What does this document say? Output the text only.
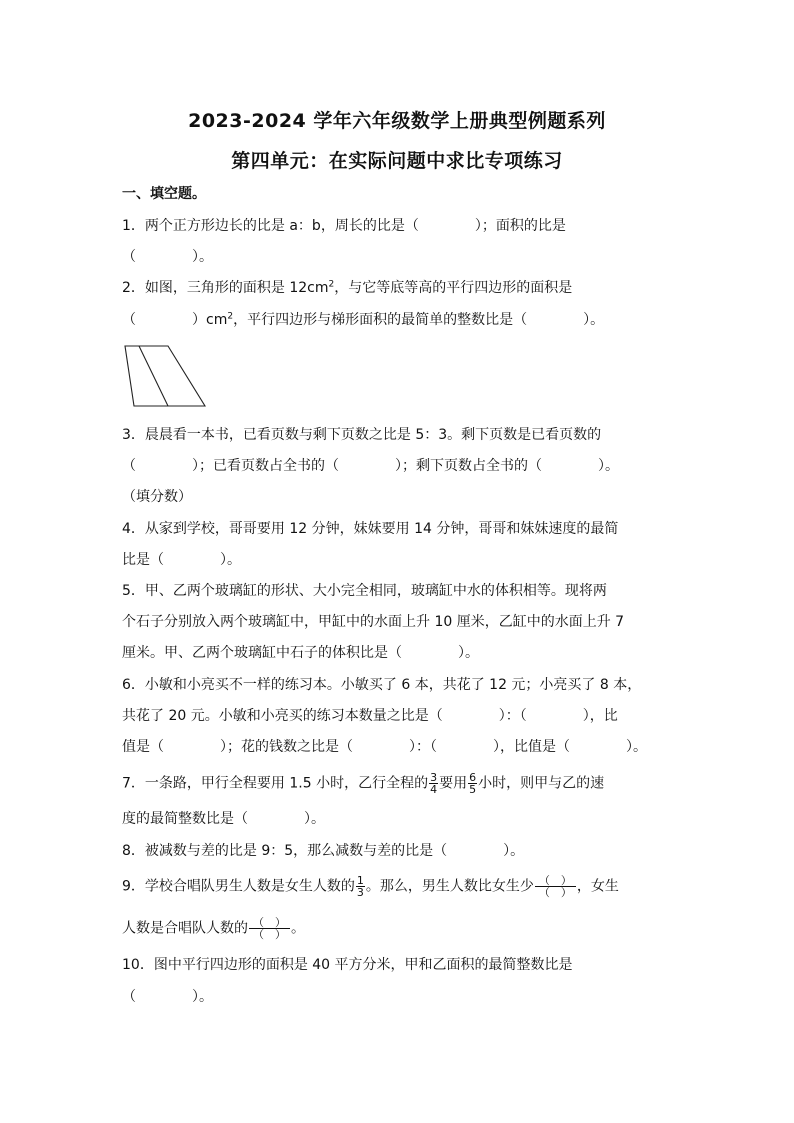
2023-2024 学年六年级数学上册典型例题系列
第四单元：在实际问题中求比专项练习
一、填空题。
1．两个正方形边长的比是 a：b，周长的比是（　　　　）；面积的比是
（　　　　）。
2．如图，三角形的面积是 $12cm^2$，与它等底等高的平行四边形的面积是
（　　　　）$cm^2$，平行四边形与梯形面积的最简单的整数比是（　　　　）。
3．晨晨看一本书，已看页数与剩下页数之比是 5：3。剩下页数是已看页数的
（　　　　）；已看页数占全书的（　　　　）；剩下页数占全书的（　　　　）。
（填分数）
4．从家到学校，哥哥要用 12 分钟，妹妹要用 14 分钟，哥哥和妹妹速度的最简
比是（　　　　）。
5．甲、乙两个玻璃缸的形状、大小完全相同，玻璃缸中水的体积相等。现将两
个石子分别放入两个玻璃缸中，甲缸中的水面上升 10 厘米，乙缸中的水面上升 7
厘米。甲、乙两个玻璃缸中石子的体积比是（　　　　）。
6．小敏和小亮买不一样的练习本。小敏买了 6 本，共花了 12 元；小亮买了 8 本，
共花了 20 元。小敏和小亮买的练习本数量之比是（　　　　）：（　　　　），比
值是（　　　　）；花的钱数之比是（　　　　）：（　　　　），比值是（　　　　）。
7．一条路，甲行全程要用 1.5 小时，乙行全程的 $\frac{3}{4}$ 要用 $\frac{6}{5}$ 小时，则甲与乙的速
度的最简整数比是（　　　　）。
8．被减数与差的比是 9：5，那么减数与差的比是（　　　　）。
9．学校合唱队男生人数是女生人数的 $\frac{1}{3}$ 。那么，男生人数比女生少 $\frac{( )}{( )}$ ，女生
人数是合唱队人数的 $\frac{( )}{( )}$ 。
10．图中平行四边形的面积是 40 平方分米，甲和乙面积的最简整数比是
（　　　　）。
